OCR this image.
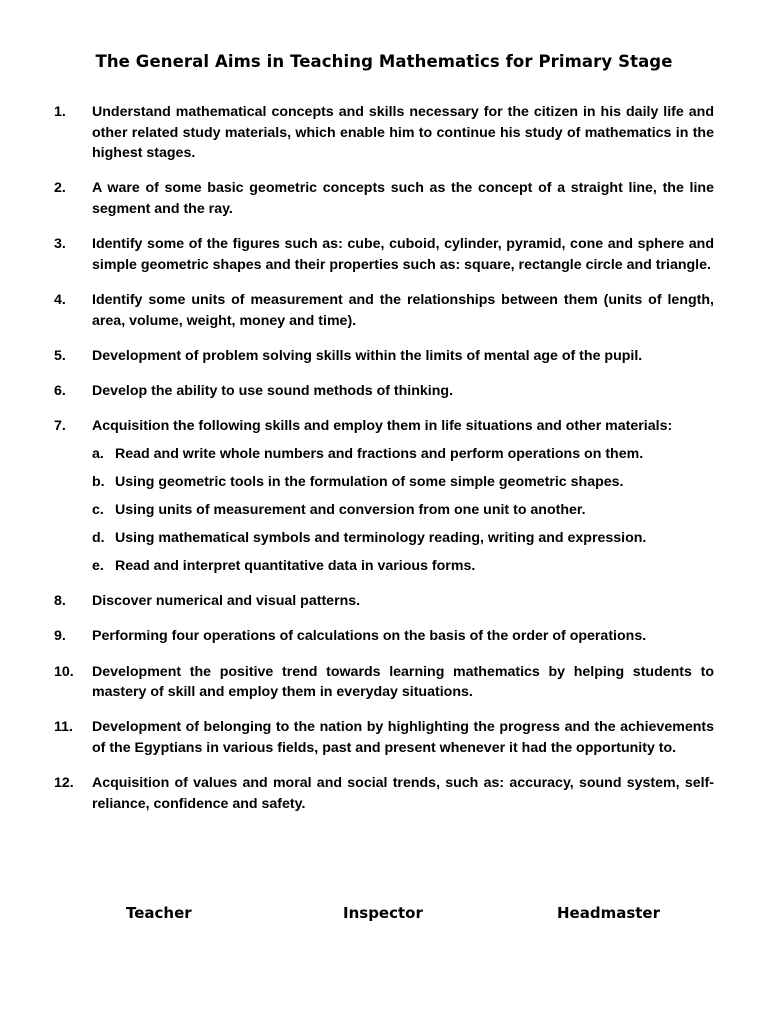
The General Aims in Teaching Mathematics for Primary Stage
1.	Understand mathematical concepts and skills necessary for the citizen in his daily life and other related study materials, which enable him to continue his study of mathematics in the highest stages.
2.	A ware of some basic geometric concepts such as the concept of a straight line, the line segment and the ray.
3.	Identify some of the figures such as: cube, cuboid, cylinder, pyramid, cone and sphere and simple geometric shapes and their properties such as: square, rectangle circle and triangle.
4.	Identify some units of measurement and the relationships between them (units of length, area, volume, weight, money and time).
5.	Development of problem solving skills within the limits of mental age of the pupil.
6.	Develop the ability to use sound methods of thinking.
7.	Acquisition the following skills and employ them in life situations and other materials:
a. Read and write whole numbers and fractions and perform operations on them.
b. Using geometric tools in the formulation of some simple geometric shapes.
c. Using units of measurement and conversion from one unit to another.
d. Using mathematical symbols and terminology reading, writing and expression.
e. Read and interpret quantitative data in various forms.
8.	Discover numerical and visual patterns.
9.	Performing four operations of calculations on the basis of the order of operations.
10.	Development the positive trend towards learning mathematics by helping students to mastery of skill and employ them in everyday situations.
11.	Development of belonging to the nation by highlighting the progress and the achievements of the Egyptians in various fields, past and present whenever it had the opportunity to.
12.	Acquisition of values and moral and social trends, such as: accuracy, sound system, self-reliance, confidence and safety.
Teacher	Inspector	Headmaster
